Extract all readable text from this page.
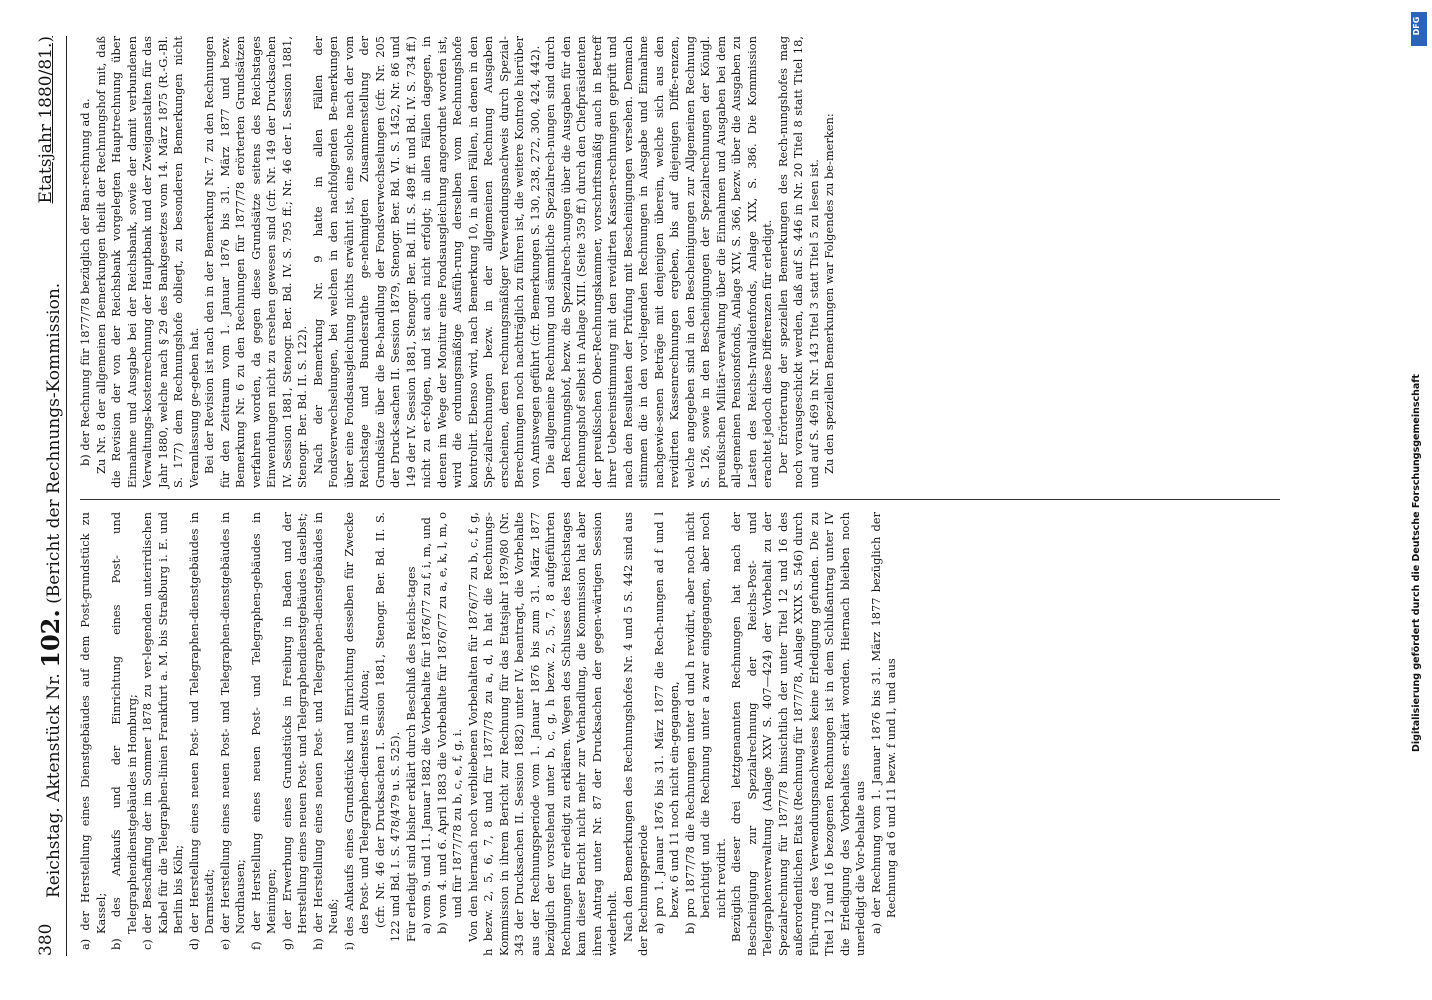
380
Reichstag. Aktenstück Nr. 102. (Bericht der Rechnungs-Kommission.
Etatsjahr 1880/81.)

a) der Herstellung eines Dienstgebäudes auf dem Post-grundstück zu Kassel; b) des Ankaufs und der Einrichtung eines Post- und Telegraphendienstgebäudes in Homburg; c) der Beschaffung der im Sommer 1878 zu ver-legenden unterirdischen Kabel für die Telegraphen-linien Frankfurt a. M. bis Straßburg i. E. und Berlin bis Köln; d) der Herstellung eines neuen Post- und Telegraphen-dienstgebäudes in Darmstadt; e) der Herstellung eines neuen Post- und Telegraphen-dienstgebäudes in Nordhausen; f) der Herstellung eines neuen Post- und Telegraphen-gebäudes in Meiningen; g) der Erwerbung eines Grundstücks in Freiburg in Baden und der Herstellung eines neuen Post- und Telegraphendienstgebäudes daselbst; h) der Herstellung eines neuen Post- und Telegraphen-dienstgebäudes in Neuß; i) des Ankaufs eines Grundstücks und Einrichtung desselben für Zwecke des Post- und Telegraphen-dienstes in Altona; (cfr. Nr. 46 der Drucksachen I. Session 1881, Stenogr. Ber. Bd. II. S. 122 und Bd. I. S. 478/479 u. S. 525). Für erledigt sind bisher erklärt durch Beschluß des Reichs-tages a) vom 9. und 11. Januar 1882 die Vorbehalte für 1876/77 zu f, i, m, und b) vom 4. und 6. April 1883 die Vorbehalte für 1876/77 zu a, e, k, l, m, o und für 1877/78 zu b, c, e, f, g, i. Von den hiernach noch verbliebenen Vorbehalten für 1876/77 zu b, c, f, g, h bezw. 2, 5, 6, 7, 8 und für 1877/78 zu a, d, h hat die Rechnungs-Kommission in ihrem Bericht zur Rechnung für das Etatsjahr 1879/80 (Nr. 343 der Drucksachen II. Session 1882) unter IV. beantragt, die Vorbehalte aus der Rechnungsperiode vom 1. Januar 1876 bis zum 31. März 1877 bezüglich der vorstehend unter b, c, g, h bezw. 2, 5, 7, 8 aufgeführten Rechnungen für erledigt zu erklären. Wegen des Schlusses des Reichstages kam dieser Bericht nicht mehr zur Verhandlung, die Kommission hat aber ihren Antrag unter Nr. 87 der Drucksachen der gegen-wärtigen Session wiederholt. Nach den Bemerkungen des Rechnungshofes Nr. 4 und 5 S. 442 sind aus der Rechnungsperiode a) pro 1. Januar 1876 bis 31. März 1877 die Rech-nungen ad f und l bezw. 6 und 11 noch nicht ein-gegangen, b) pro 1877/78 die Rechnungen unter d und h revidirt, aber noch nicht berichtigt und die Rechnung unter a zwar eingegangen, aber noch nicht revidirt. Bezüglich dieser drei letztgenannten Rechnungen hat nach der Bescheinigung zur Spezialrechnung der Reichs-Post- und Telegraphenverwaltung (Anlage XXV S. 407—424) der Vorbehalt zu der Spezialrechnung für 1877/78 hinsichtlich der unter Titel 12 und 16 des außerordentlichen Etats (Rechnung für 1877/78, Anlage XXIX S. 546) durch Füh-rung des Verwendungsnachweises keine Erledigung gefunden. Die zu Titel 12 und 16 bezogenen Rechnungen ist in dem Schlußantrag unter IV die Erledigung des Vorbehaltes er-klärt worden. Hiernach bleiben noch unerledigt die Vor-behalte aus a) der Rechnung vom 1. Januar 1876 bis 31. März 1877 bezüglich der Rechnung ad 6 und 11 bezw. f und l, und aus

b) der Rechnung für 1877/78 bezüglich der Ban-rechnung ad a. Zu Nr. 8 der allgemeinen Bemerkungen theilt der Rechnungshof mit, daß die Revision der von der Reichsbank vorgelegten Hauptrechnung über Einnahme und Ausgabe bei der Reichsbank, sowie der damit verbundenen Verwaltungs-kostenrechnung der Hauptbank und der Zweiganstalten für das Jahr 1880, welche nach § 29 des Bankgesetzes vom 14. März 1875 (R.-G.-Bl. S. 177) dem Rechnungshofe obliegt, zu besonderen Bemerkungen nicht Veranlassung ge-geben hat. Bei der Revision ist nach den in der Bemerkung Nr. 7 zu den Rechnungen für den Zeitraum vom 1. Januar 1876 bis 31. März 1877 und bezw. Bemerkung Nr. 6 zu den Rechnungen für 1877/78 erörterten Grundsätzen verfahren worden, da gegen diese Grundsätze seitens des Reichstages Einwendungen nicht zu ersehen gewesen sind (cfr. Nr. 149 der Drucksachen IV. Session 1881, Stenogr. Ber. Bd. IV. S. 795 ff.; Nr. 46 der I. Session 1881, Stenogr. Ber. Bd. II. S. 122). Nach der Bemerkung Nr. 9 hatte in allen Fällen der Fondsverwechselungen, bei welchen in den nachfolgenden Be-merkungen über eine Fondsausgleichung nichts erwähnt ist, eine solche nach der vom Reichstage und Bundesrathe ge-nehmigten Zusammenstellung der Grundsätze über die Be-handlung der Fondsverwechselungen (cfr. Nr. 205 der Druck-sachen II. Session 1879, Stenogr. Ber. Bd. VI. S. 1452, Nr. 86 und 149 der IV. Session 1881, Stenogr. Ber. Bd. III. S. 489 ff. und Bd. IV. S. 734 ff.) nicht zu er-folgen, und ist auch nicht erfolgt; in allen Fällen dagegen, in denen im Wege der Monitur eine Fondsausgleichung angeordnet worden ist, wird die ordnungsmäßige Ausfüh-rung derselben vom Rechnungshofe kontrolirt. Ebenso wird, nach Bemerkung 10, in allen Fällen, in denen in den Spe-zialrechnungen bezw. in der allgemeinen Rechnung Ausgaben erscheinen, deren rechnungsmäßiger Verwendungsnachweis durch Spezial-Berechnungen noch nachträglich zu führen ist, die weitere Kontrole hierüber von Amtswegen geführt (cfr. Bemerkungen S. 130, 238, 272, 300, 424, 442). Die allgemeine Rechnung und sämmtliche Spezialrech-nungen sind durch den Rechnungshof, bezw. die Spezialrech-nungen über die Ausgaben für den Rechnungshof selbst in Anlage XIII. (Seite 359 ff.) durch den Chefpräsidenten der preußischen Ober-Rechnungskammer, vorschriftsmäßig auch in Betreff ihrer Uebereinstimmung mit den revidirten Kassen-rechnungen geprüft und nach den Resultaten der Prüfung mit Bescheinigungen versehen. Demnach stimmen die in den vor-liegenden Rechnungen in Ausgabe und Einnahme nachgewie-senen Beträge mit denjenigen überein, welche sich aus den revidirten Kassenrechnungen ergeben, bis auf diejenigen Diffe-renzen, welche angegeben sind in den Bescheinigungen zur Allgemeinen Rechnung S. 126, sowie in den Bescheinigungen der Spezialrechnungen der Königl. preußischen Militär-verwaltung über die Einnahmen und Ausgaben bei dem all-gemeinen Pensionsfonds, Anlage XIV, S. 366, bezw. über die Ausgaben zu Lasten des Reichs-Invalidenfonds, Anlage XIX, S. 386. Die Kommission erachtet jedoch diese Differenzen für erledigt. Der Erörterung der speziellen Bemerkungen des Rech-nungshofes mag noch vorausgeschickt werden, daß auf S. 446 in Nr. 20 Titel 8 statt Titel 18, und auf S. 469 in Nr. 143 Titel 3 statt Titel 5 zu lesen ist. Zu den speziellen Bemerkungen war Folgendes zu be-merken:

DFG
Digitalisierung gefördert durch die Deutsche Forschungsgemeinschaft
